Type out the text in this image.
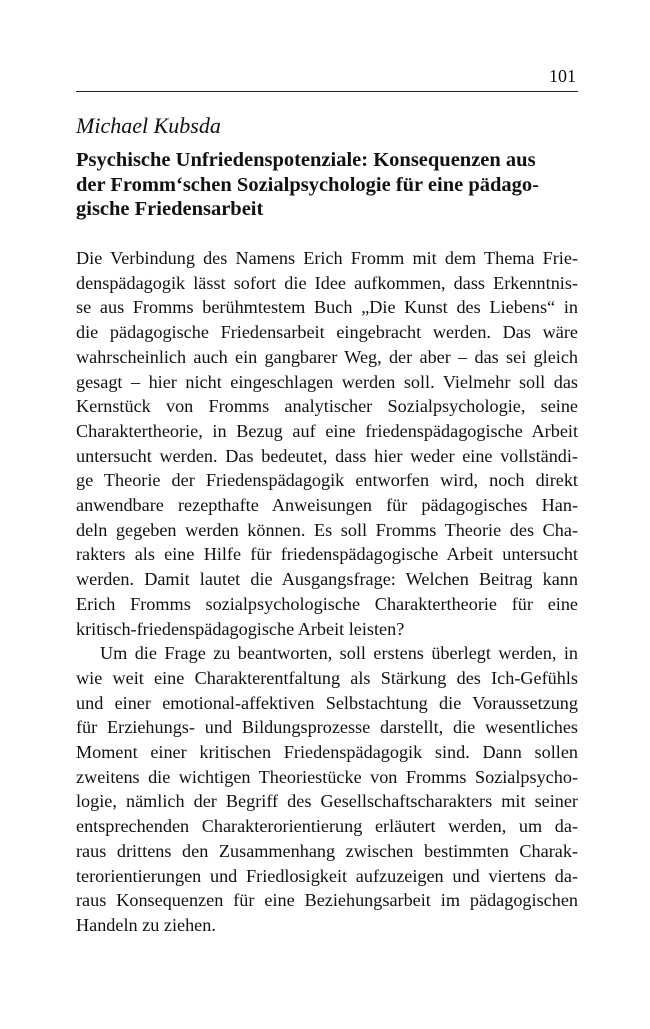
101
Michael Kubsda
Psychische Unfriedenspotenziale: Konsequenzen aus
der Fromm‘schen Sozialpsychologie für eine pädago-
gische Friedensarbeit
Die Verbindung des Namens Erich Fromm mit dem Thema Frie-
denspädagogik lässt sofort die Idee aufkommen, dass Erkenntnis-
se aus Fromms berühmtestem Buch „Die Kunst des Liebens“ in
die pädagogische Friedensarbeit eingebracht werden. Das wäre
wahrscheinlich auch ein gangbarer Weg, der aber – das sei gleich
gesagt – hier nicht eingeschlagen werden soll. Vielmehr soll das
Kernstück von Fromms analytischer Sozialpsychologie, seine
Charaktertheorie, in Bezug auf eine friedenspädagogische Arbeit
untersucht werden. Das bedeutet, dass hier weder eine vollständi-
ge Theorie der Friedenspädagogik entworfen wird, noch direkt
anwendbare rezepthafte Anweisungen für pädagogisches Han-
deln gegeben werden können. Es soll Fromms Theorie des Cha-
rakters als eine Hilfe für friedenspädagogische Arbeit untersucht
werden. Damit lautet die Ausgangsfrage: Welchen Beitrag kann
Erich Fromms sozialpsychologische Charaktertheorie für eine
kritisch-friedenspädagogische Arbeit leisten?
Um die Frage zu beantworten, soll erstens überlegt werden, in
wie weit eine Charakterentfaltung als Stärkung des Ich-Gefühls
und einer emotional-affektiven Selbstachtung die Voraussetzung
für Erziehungs- und Bildungsprozesse darstellt, die wesentliches
Moment einer kritischen Friedenspädagogik sind. Dann sollen
zweitens die wichtigen Theoriestücke von Fromms Sozialpsycho-
logie, nämlich der Begriff des Gesellschaftscharakters mit seiner
entsprechenden Charakterorientierung erläutert werden, um da-
raus drittens den Zusammenhang zwischen bestimmten Charak-
terorientierungen und Friedlosigkeit aufzuzeigen und viertens da-
raus Konsequenzen für eine Beziehungsarbeit im pädagogischen
Handeln zu ziehen.
